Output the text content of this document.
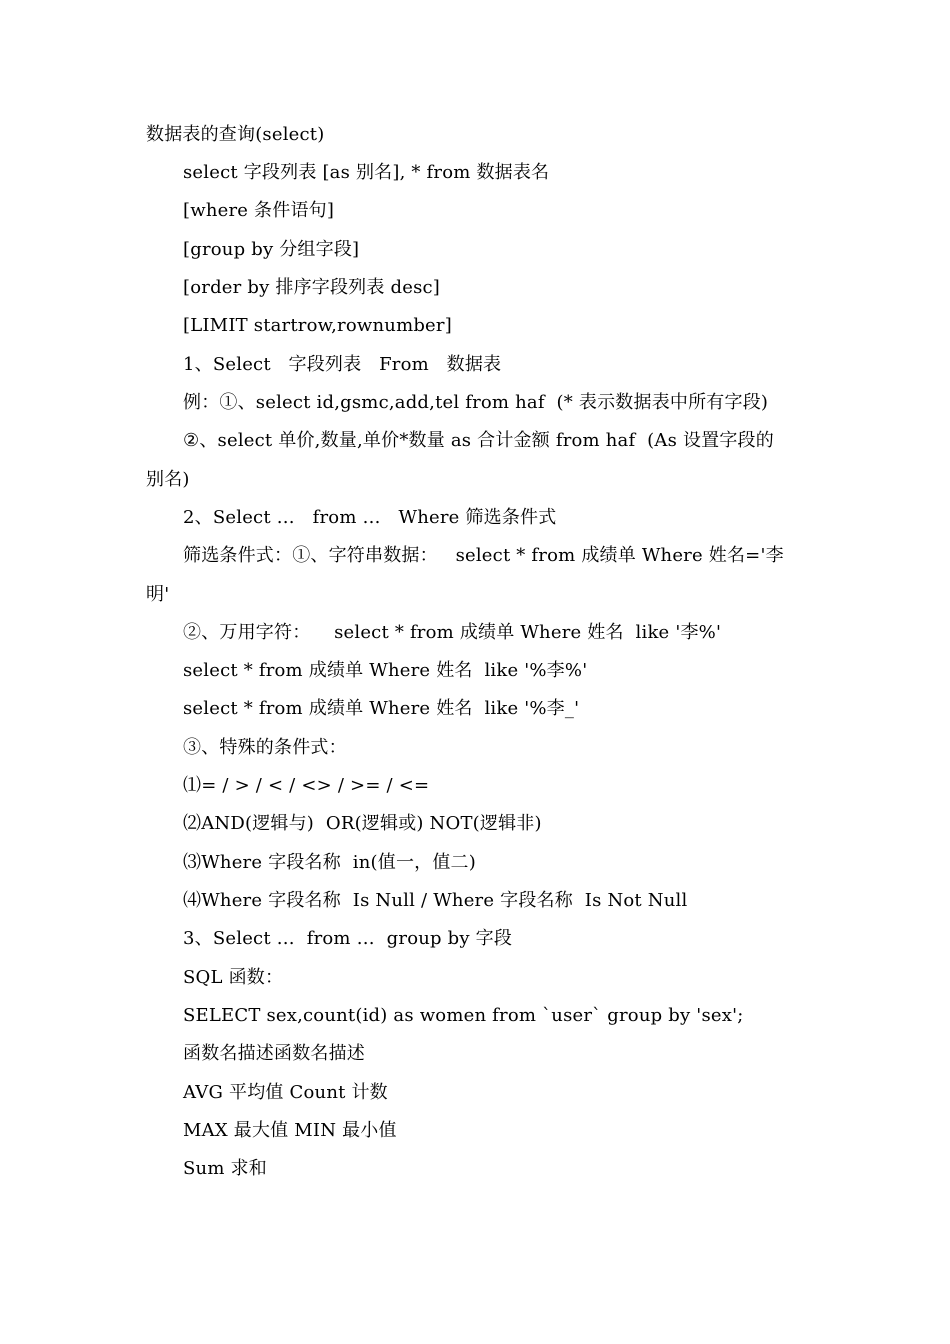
数据表的查询(select)
select 字段列表 [as 别名], * from 数据表名
[where 条件语句]
[group by 分组字段]
[order by 排序字段列表 desc]
[LIMIT startrow,rownumber]
1、Select   字段列表   From   数据表
例：①、select id,gsmc,add,tel from haf  (* 表示数据表中所有字段)
②、select 单价,数量,单价*数量 as 合计金额 from haf  (As 设置字段的
别名)
2、Select …   from …   Where 筛选条件式
筛选条件式：①、字符串数据：   select * from 成绩单 Where 姓名='李
明'
②、万用字符：    select * from 成绩单 Where 姓名  like '李%'
select * from 成绩单 Where 姓名  like '%李%'
select * from 成绩单 Where 姓名  like '%李_'
③、特殊的条件式：
⑴= / > / < / <> / >= / <=
⑵AND(逻辑与)  OR(逻辑或) NOT(逻辑非)
⑶Where 字段名称  in(值一，值二)
⑷Where 字段名称  Is Null / Where 字段名称  Is Not Null
3、Select …  from …  group by 字段
SQL 函数：
SELECT sex,count(id) as women from `user` group by 'sex';
函数名描述函数名描述
AVG 平均值 Count 计数
MAX 最大值 MIN 最小值
Sum 求和
